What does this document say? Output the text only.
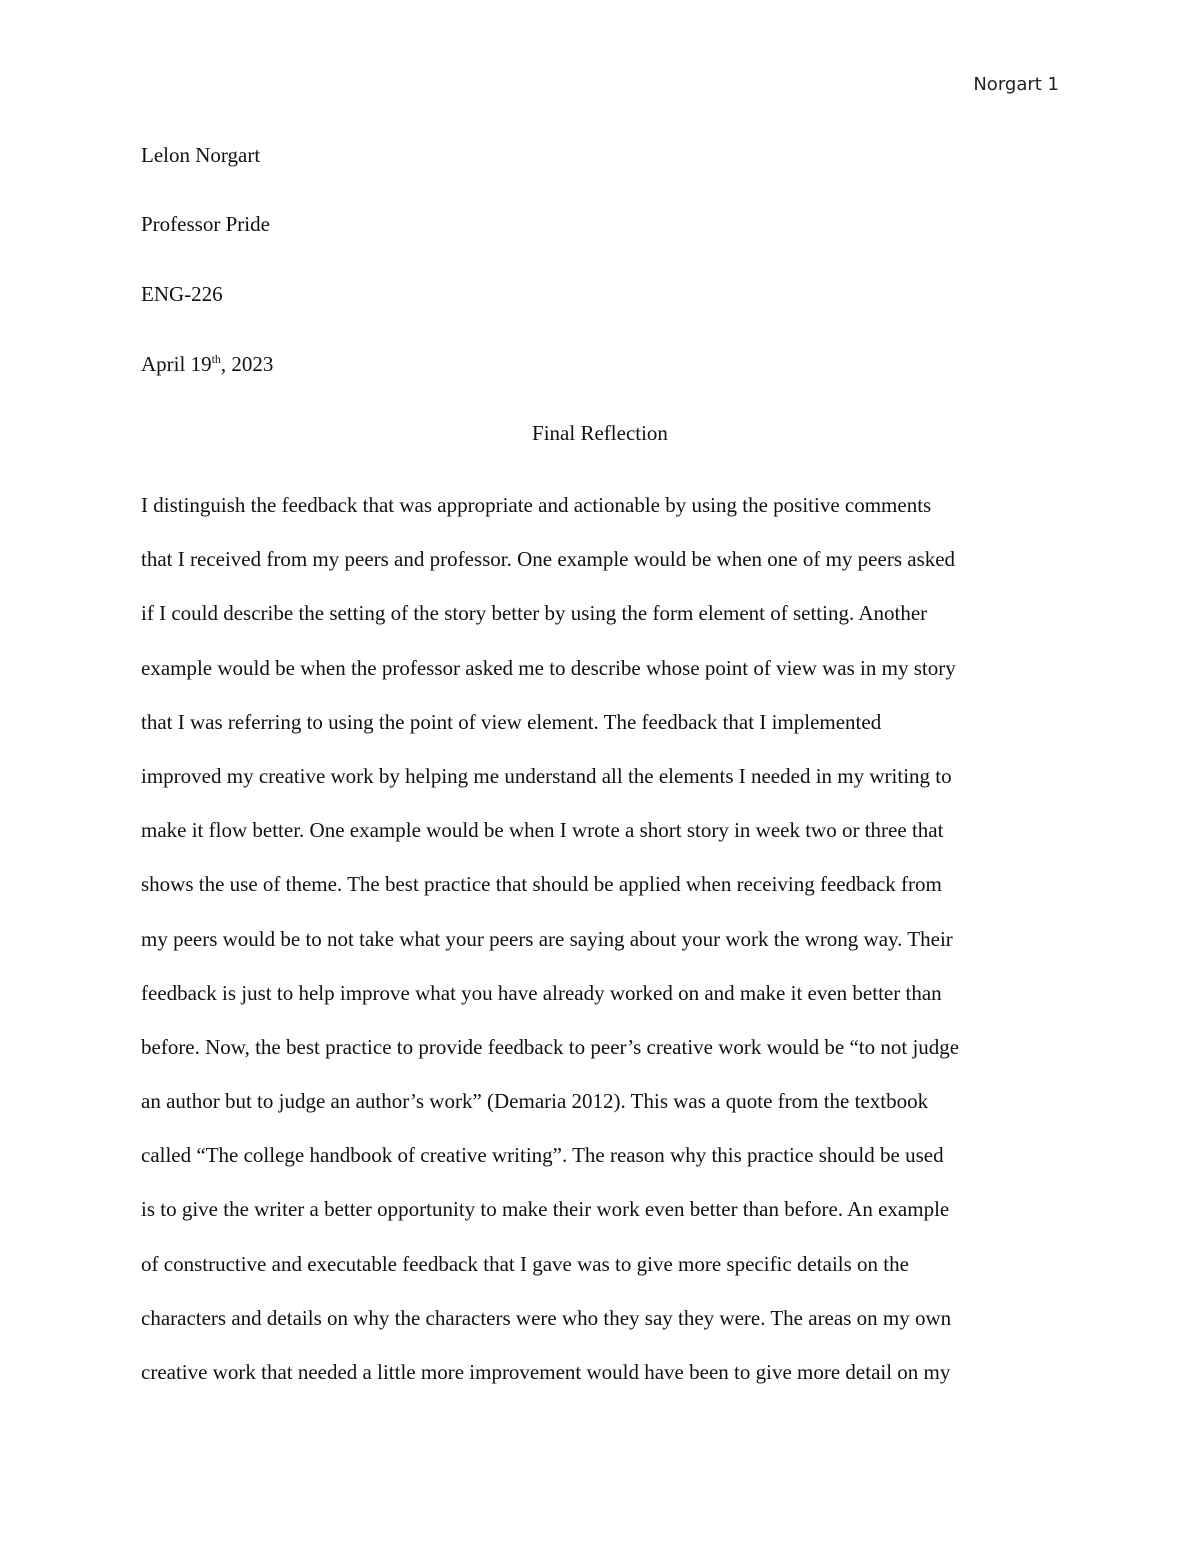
Norgart 1
Lelon Norgart
Professor Pride
ENG-226
April 19th, 2023
Final Reflection
I distinguish the feedback that was appropriate and actionable by using the positive comments
that I received from my peers and professor. One example would be when one of my peers asked
if I could describe the setting of the story better by using the form element of setting. Another
example would be when the professor asked me to describe whose point of view was in my story
that I was referring to using the point of view element. The feedback that I implemented
improved my creative work by helping me understand all the elements I needed in my writing to
make it flow better. One example would be when I wrote a short story in week two or three that
shows the use of theme. The best practice that should be applied when receiving feedback from
my peers would be to not take what your peers are saying about your work the wrong way. Their
feedback is just to help improve what you have already worked on and make it even better than
before. Now, the best practice to provide feedback to peer’s creative work would be “to not judge
an author but to judge an author’s work” (Demaria 2012). This was a quote from the textbook
called “The college handbook of creative writing”. The reason why this practice should be used
is to give the writer a better opportunity to make their work even better than before. An example
of constructive and executable feedback that I gave was to give more specific details on the
characters and details on why the characters were who they say they were. The areas on my own
creative work that needed a little more improvement would have been to give more detail on my
